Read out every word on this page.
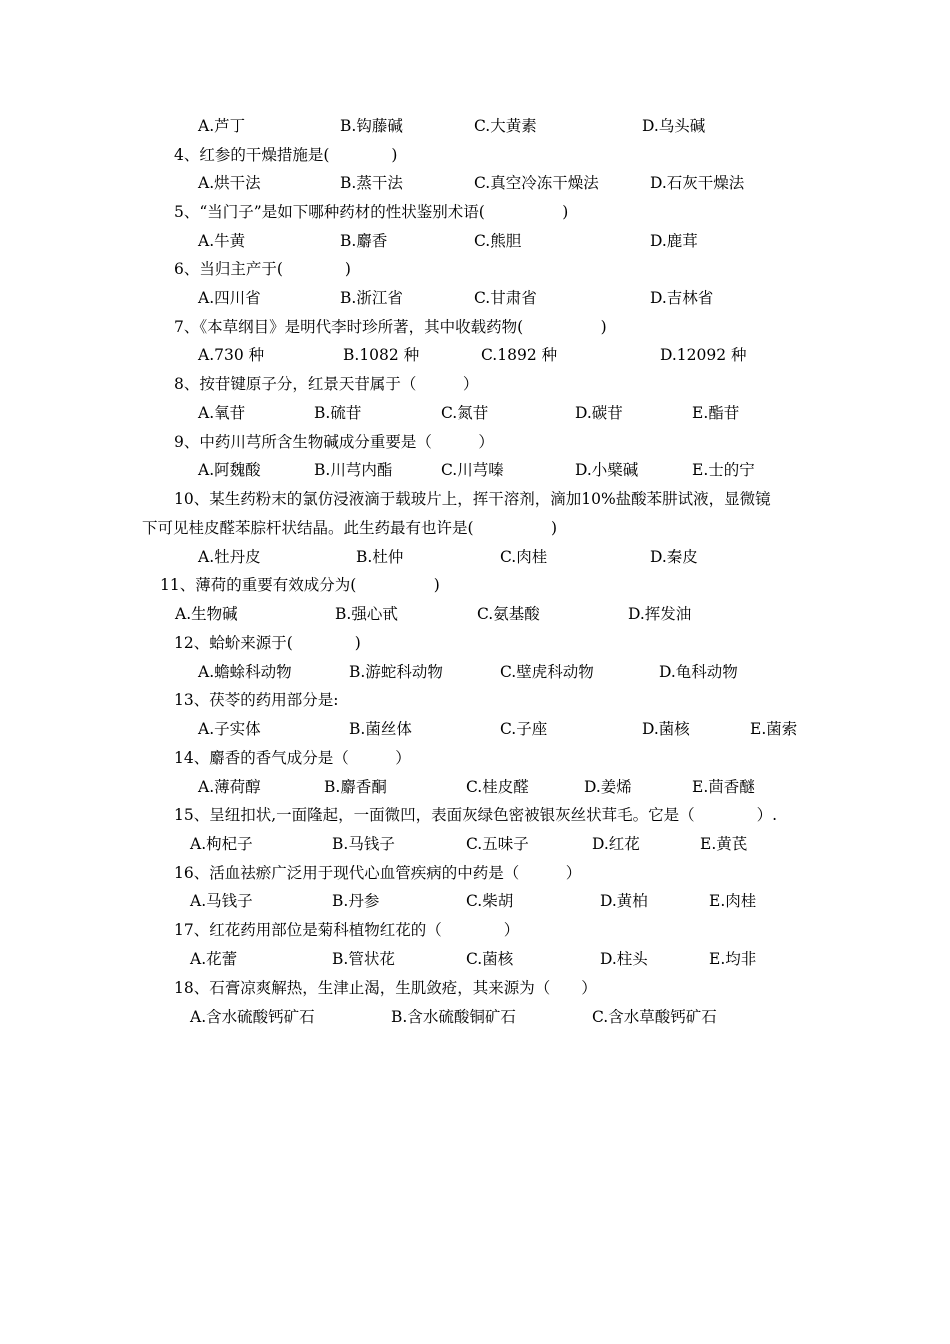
A.芦丁	B.钩藤碱	C.大黄素	D.乌头碱
4、红参的干燥措施是(　　　　)
A.烘干法	B.蒸干法	C.真空冷冻干燥法	D.石灰干燥法
5、“当门子”是如下哪种药材的性状鉴别术语(　　　　　)
A.牛黄	B.麝香	C.熊胆	D.鹿茸
6、当归主产于(　　　　)
A.四川省	B.浙江省	C.甘肃省	D.吉林省
7、《本草纲目》是明代李时珍所著，其中收载药物(　　　　　)
A.730 种	B.1082 种	C.1892 种	D.12092 种
8、按苷键原子分，红景天苷属于（　　　）
A.氧苷	B.硫苷	C.氮苷	D.碳苷	E.酯苷
9、中药川芎所含生物碱成分重要是（　　　）
A.阿魏酸	B.川芎内酯	C.川芎嗪	D.小檗碱	E.士的宁
10、某生药粉末的氯仿浸液滴于载玻片上，挥干溶剂，滴加10%盐酸苯肼试液，显微镜
下可见桂皮醛苯腙杆状结晶。此生药最有也许是(　　　　　)
A.牡丹皮	B.杜仲	C.肉桂	D.秦皮
11、薄荷的重要有效成分为(　　　　　)
A.生物碱	B.强心甙	C.氨基酸	D.挥发油
12、蛤蚧来源于(　　　　)
A.蟾蜍科动物	B.游蛇科动物	C.壁虎科动物	D.龟科动物
13、茯苓的药用部分是:
A.子实体	B.菌丝体	C.子座	D.菌核	E.菌索
14、麝香的香气成分是（　　　）
A.薄荷醇	B.麝香酮	C.桂皮醛	D.姜烯	E.茴香醚
15、呈纽扣状,一面隆起，一面微凹，表面灰绿色密被银灰丝状茸毛。它是（　　　　）.
A.枸杞子	B.马钱子	C.五味子	D.红花	E.黄芪
16、活血祛瘀广泛用于现代心血管疾病的中药是（　　　）
A.马钱子	B.丹参	C.柴胡	D.黄柏	E.肉桂
17、红花药用部位是菊科植物红花的（　　　　）
A.花蕾	B.管状花	C.菌核	D.柱头	E.均非
18、石膏凉爽解热，生津止渴，生肌敛疮，其来源为（　　）
A.含水硫酸钙矿石	B.含水硫酸铜矿石	C.含水草酸钙矿石
